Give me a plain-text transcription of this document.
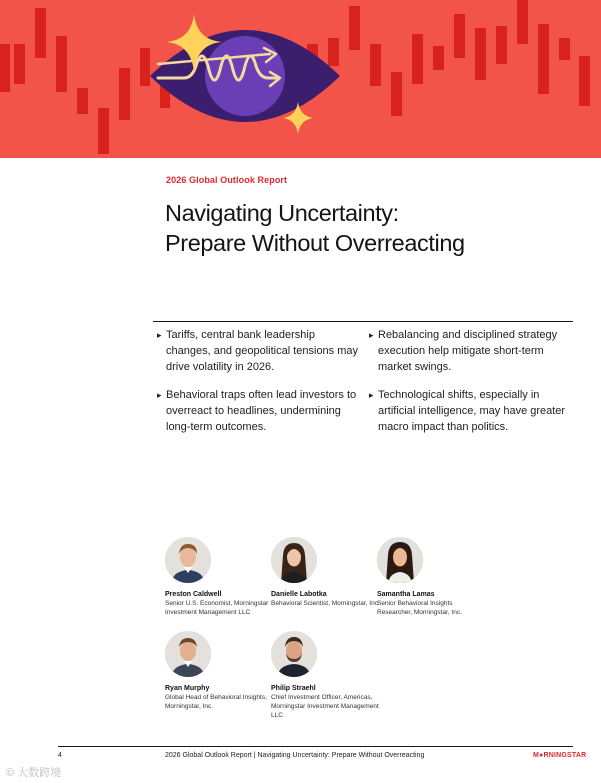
2026 Global Outlook Report
Navigating Uncertainty:
Prepare Without Overreacting
▸ Tariffs, central bank leadership changes, and geopolitical tensions may drive volatility in 2026.
▸ Behavioral traps often lead investors to overreact to headlines, undermining long-term outcomes.
▸ Rebalancing and disciplined strategy execution help mitigate short-term market swings.
▸ Technological shifts, especially in artificial intelligence, may have greater macro impact than politics.
Preston Caldwell
Senior U.S. Economist, Morningstar Investment Management LLC
Danielle Labotka
Behavioral Scientist, Morningstar, Inc.
Samantha Lamas
Senior Behavioral Insights Researcher, Morningstar, Inc.
Ryan Murphy
Global Head of Behavioral Insights, Morningstar, Inc.
Philip Straehl
Chief Investment Officer, Americas, Morningstar Investment Management LLC
4	2026 Global Outlook Report | Navigating Uncertainty: Prepare Without Overreacting	M●RNINGSTAR
© 大数跨境
